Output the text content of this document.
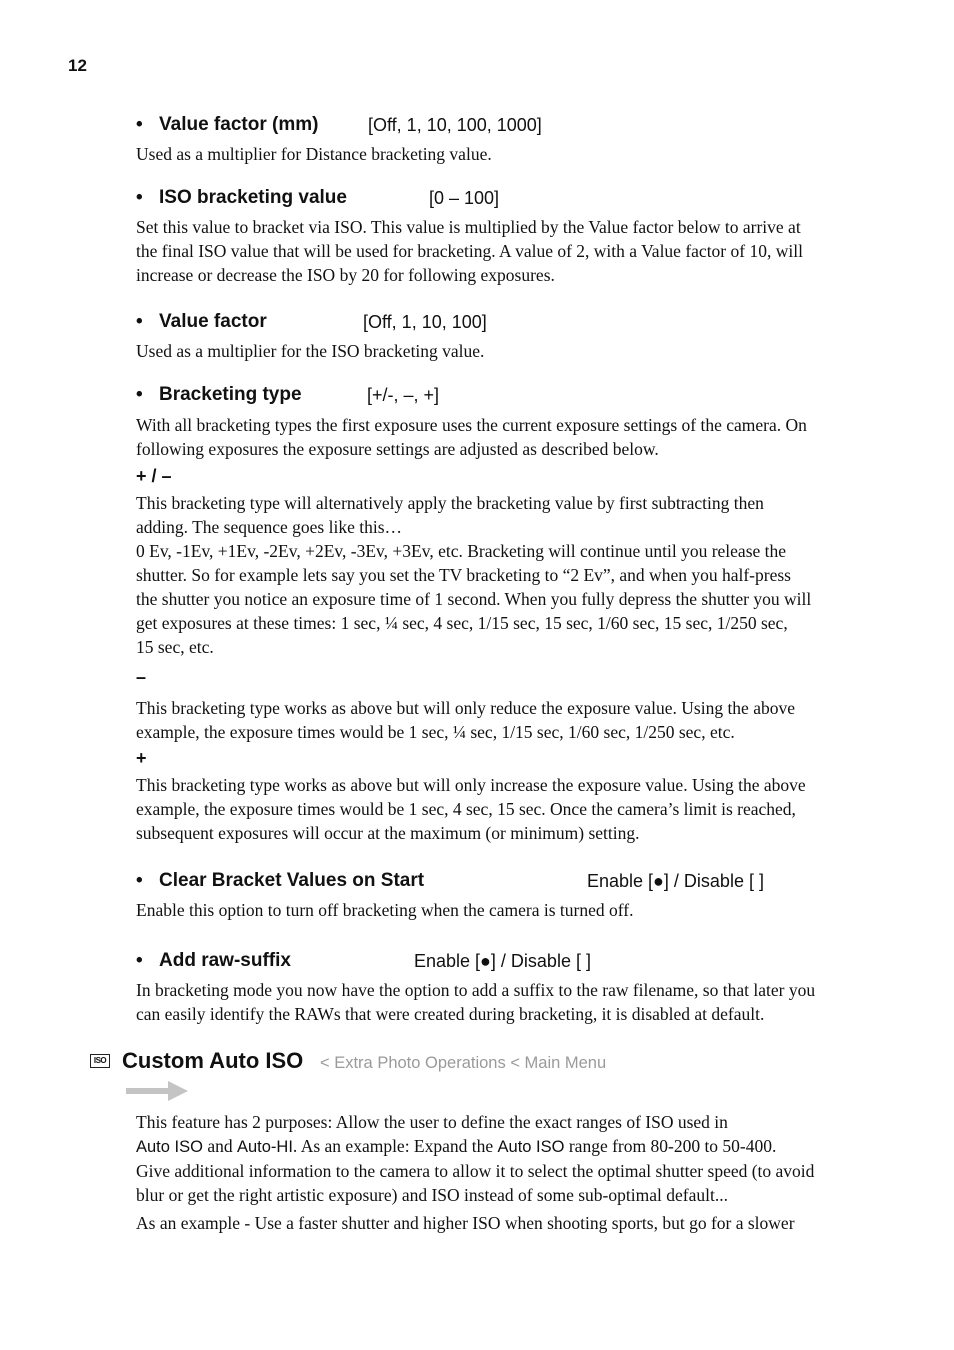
12
• Value factor (mm)	[Off, 1, 10, 100, 1000]

Used as a multiplier for Distance bracketing value.

• ISO bracketing value	[0 – 100]

Set this value to bracket via ISO. This value is multiplied by the Value factor below to arrive at
the final ISO value that will be used for bracketing. A value of 2, with a Value factor of 10, will
increase or decrease the ISO by 20 for following exposures.

• Value factor	[Off, 1, 10, 100]

Used as a multiplier for the ISO bracketing value.

• Bracketing type	[+/-, –, +]

With all bracketing types the first exposure uses the current exposure settings of the camera. On
following exposures the exposure settings are adjusted as described below.

+ / –

This bracketing type will alternatively apply the bracketing value by first subtracting then
adding. The sequence goes like this…
0 Ev, -1Ev, +1Ev, -2Ev, +2Ev, -3Ev, +3Ev, etc. Bracketing will continue until you release the
shutter. So for example lets say you set the TV bracketing to “2 Ev”, and when you half-press
the shutter you notice an exposure time of 1 second. When you fully depress the shutter you will
get exposures at these times: 1 sec, ¼ sec, 4 sec, 1/15 sec, 15 sec, 1/60 sec, 15 sec, 1/250 sec,
15 sec, etc.

–

This bracketing type works as above but will only reduce the exposure value. Using the above
example, the exposure times would be 1 sec, ¼ sec, 1/15 sec, 1/60 sec, 1/250 sec, etc.

+

This bracketing type works as above but will only increase the exposure value. Using the above
example, the exposure times would be 1 sec, 4 sec, 15 sec. Once the camera’s limit is reached,
subsequent exposures will occur at the maximum (or minimum) setting.

• Clear Bracket Values on Start	Enable [●] / Disable [ ]

Enable this option to turn off bracketing when the camera is turned off.

• Add raw-suffix	Enable [●] / Disable [ ]

In bracketing mode you now have the option to add a suffix to the raw filename, so that later you
can easily identify the RAWs that were created during bracketing, it is disabled at default.

ISO Custom Auto ISO < Extra Photo Operations < Main Menu

This feature has 2 purposes: Allow the user to define the exact ranges of ISO used in
Auto ISO and Auto-HI. As an example: Expand the Auto ISO range from 80-200 to 50-400.
Give additional information to the camera to allow it to select the optimal shutter speed (to avoid
blur or get the right artistic exposure) and ISO instead of some sub-optimal default...

As an example - Use a faster shutter and higher ISO when shooting sports, but go for a slower
